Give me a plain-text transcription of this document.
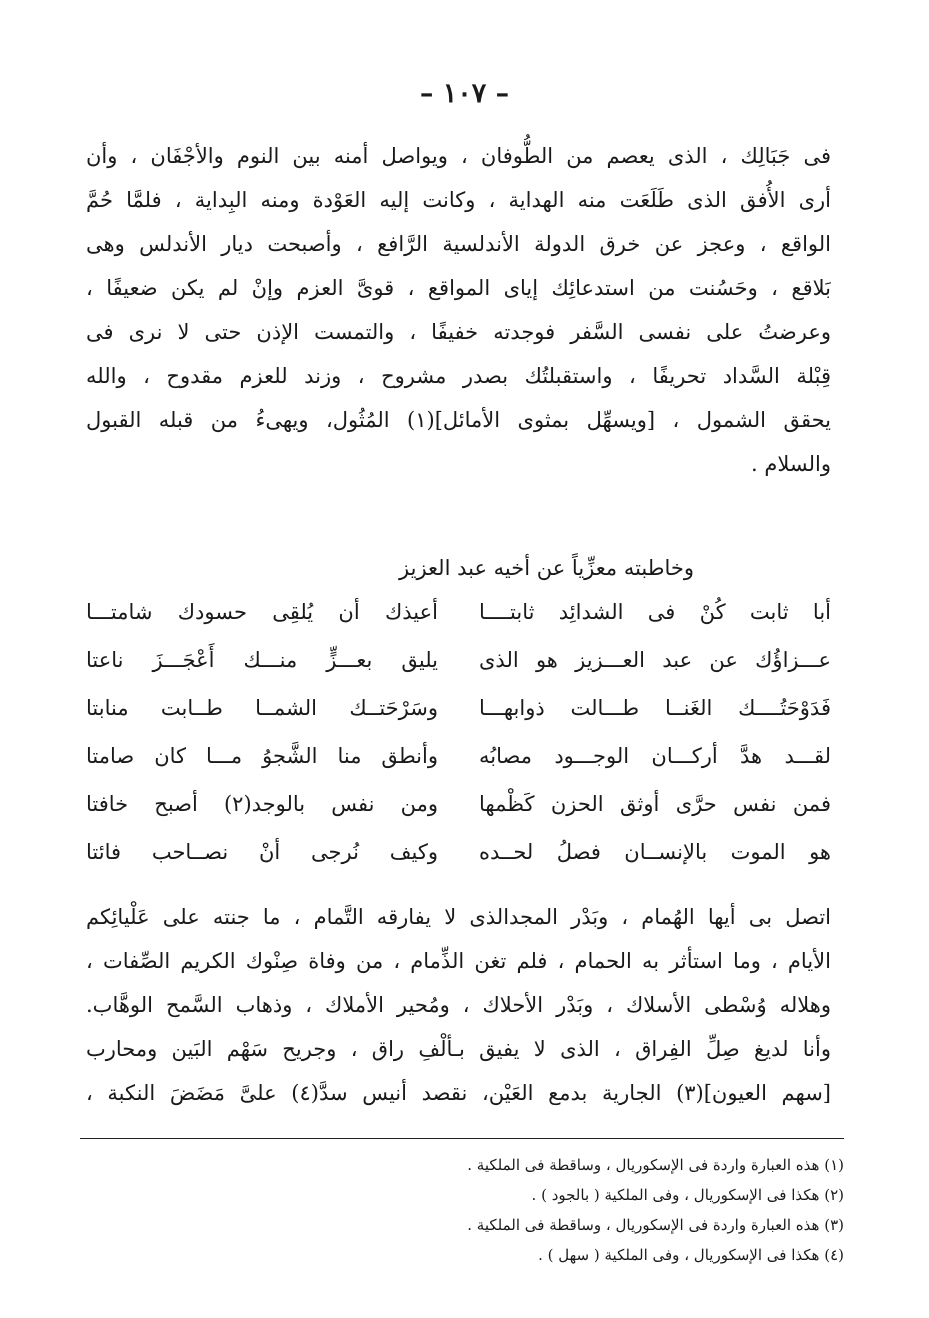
– ١٠٧ –
فى جَبَالِك ، الذى يعصم من الطُّوفان ، ويواصل أمنه بين النوم والأجْفَان ، وأن
أرى الأُفق الذى طَلَعَت منه الهداية ، وكانت إليه العَوْدة ومنه البِداية ، فلمَّا حُمَّ
الواقع ، وعجز عن خرق الدولة الأندلسية الرَّافع ، وأصبحت ديار الأندلس وهى
بَلاقع ، وحَسُنت من استدعائِك إياى المواقع ، قوىَّ العزم وإنْ لم يكن ضعيفًا ،
وعرضتُ على نفسى السَّفر فوجدته خفيفًا ، والتمست الإذن حتى لا نرى فى
قِبْلة السَّداد تحريفًا ، واستقبلتُك بصدر مشروح ، وزند للعزم مقدوح ، والله
يحقق الشمول ، [ويسهِّل بمثوى الأمائل](١) المُثُول، ويهىءُ من قبله القبول
والسلام .
وخاطبته معزِّياً عن أخيه عبد العزيز
أبا ثابت كُنْ فى الشدائِد ثابتــــا
أعيذك أن يُلقِى حسودك شامتـــا
عـــزاؤُك عن عبد العـــزيز هو الذى
يليق بعـــزٍّ منـــك أَعْجَـــزَ ناعتا
فَدَوْحَتُــــك الغَنــا طـــالت ذوابهـــا
وسَرْحَتــك الشمــا طــابت منابتا
لقـــد هدَّ أركـــان الوجـــود مصابُه
وأنطق منا الشَّجوُ مـــا كان صامتا
فمن نفس حرَّى أوثق الحزن كَظْمها
ومن نفس بالوجد(٢) أصبح خافتا
هو الموت بالإنســان فصلُ لحــده
وكيف نُرجى أنْ نصــاحب فائتا
اتصل بى أيها الهُمام ، وبَدْر المجدالذى لا يفارقه التَّمام ، ما جنته على عَلْيائِكم
الأيام ، وما استأثر به الحمام ، فلم تغن الذِّمام ، من وفاة صِنْوك الكريم الصِّفات ،
وهلاله وُسْطى الأسلاك ، وبَدْر الأحلاك ، ومُحير الأملاك ، وذهاب السَّمح الوهَّاب.
وأنا لديغ صِلِّ الفِراق ، الذى لا يفيق بـألْفِ راق ، وجريح سَهْم البَين ومحارب
[سهم العيون](٣) الجارية بدمع العَيْن، نقصد أنيس سدَّ(٤) علىَّ مَضَضَ النكبة ،
(١) هذه العبارة واردة فى الإسكوريال ، وساقطة فى الملكية .
(٢) هكذا فى الإسكوريال ، وفى الملكية ( بالجود ) .
(٣) هذه العبارة واردة فى الإسكوريال ، وساقطة فى الملكية .
(٤) هكذا فى الإسكوريال ، وفى الملكية ( سهل ) .
